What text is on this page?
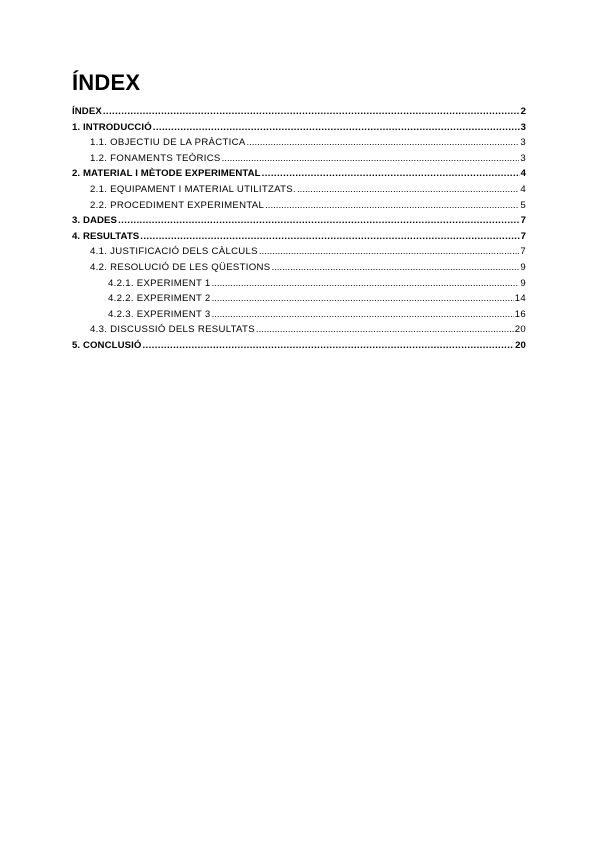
ÍNDEX
ÍNDEX .....	2
1. INTRODUCCIÓ .....	3
1.1. OBJECTIU DE LA PRÀCTICA .....	3
1.2. FONAMENTS TEÒRICS .....	3
2. MATERIAL I MÈTODE EXPERIMENTAL .....	4
2.1. EQUIPAMENT I MATERIAL UTILITZATS. .....	4
2.2. PROCEDIMENT EXPERIMENTAL .....	5
3. DADES .....	7
4. RESULTATS .....	7
4.1. JUSTIFICACIÓ DELS CÀLCULS .....	7
4.2. RESOLUCIÓ DE LES QÜESTIONS .....	9
4.2.1. EXPERIMENT 1 .....	9
4.2.2. EXPERIMENT 2 .....	14
4.2.3. EXPERIMENT 3 .....	16
4.3. DISCUSSIÓ DELS RESULTATS .....	20
5. CONCLUSIÓ .....	20
